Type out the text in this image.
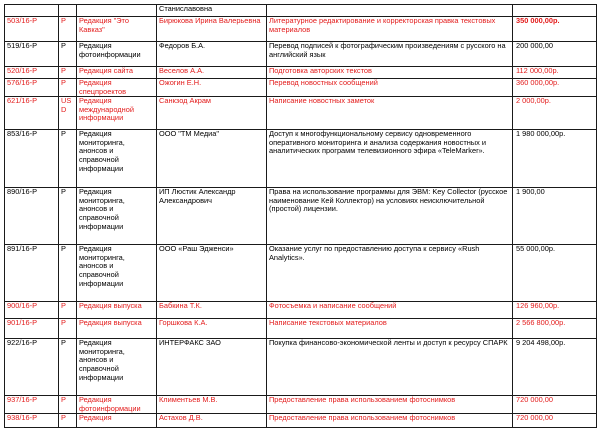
			Станиславовна		
503/16-Р	Р	Редакция "Это Кавказ"	Бирюкова Ирина Валерьевна	Литературное редактирование и корректорская правка текстовых материалов	350 000,00р.
519/16-Р	Р	Редакция фотоинформации	Федоров Б.А.	Перевод подписей к фотографическим произведениям с русского на английский язык	200 000,00
520/16-Р	Р	Редакция сайта	Веселов А.А.	Подготовка авторских текстов	112 000,00р.
576/16-Р	Р	Редакция спецпроектов	Ожогин Е.Н.	Перевод новостных сообщений	360 000,00р.
621/16-Р	US D	Редакция международной информации	Санкзод Акрам	Написание новостных заметок	2 000,00р.
853/16-Р	Р	Редакция мониторинга, анонсов и справочной информации	ООО "ТМ Медиа"	Доступ к многофункциональному сервису одновременного оперативного мониторинга и анализа содержания новостных и аналитических программ телевизионного эфира «TeleMarker».	1 980 000,00р.
890/16-Р	Р	Редакция мониторинга, анонсов и справочной информации	ИП Люстик Александр Александрович	Права на использование программы для ЭВМ: Key Collector (русское наименование Кей Коллектор) на условиях неисключительной (простой) лицензии.	1 900,00
891/16-Р	Р	Редакция мониторинга, анонсов и справочной информации	ООО «Раш Эдженси»	Оказание услуг по предоставлению доступа к сервису «Rush Analytics».	55 000,00р.
900/16-Р	Р	Редакция выпуска	Бабкина Т.К.	Фотосъемка и написание сообщений	126 960,00р.
901/16-Р	Р	Редакция выпуска	Горшкова К.А.	Написание текстовых материалов	2 566 800,00р.
922/16-Р	Р	Редакция мониторинга, анонсов и справочной информации	ИНТЕРФАКС ЗАО	Покупка финансово-экономической ленты и доступ к ресурсу СПАРК	9 204 498,00р.
937/16-Р	Р	Редакция фотоинформации	Климентьев М.В.	Предоставление права использованием фотоснимков	720 000,00
938/16-Р	Р	Редакция	Астахов Д.В.	Предоставление права использованием фотоснимков	720 000,00
